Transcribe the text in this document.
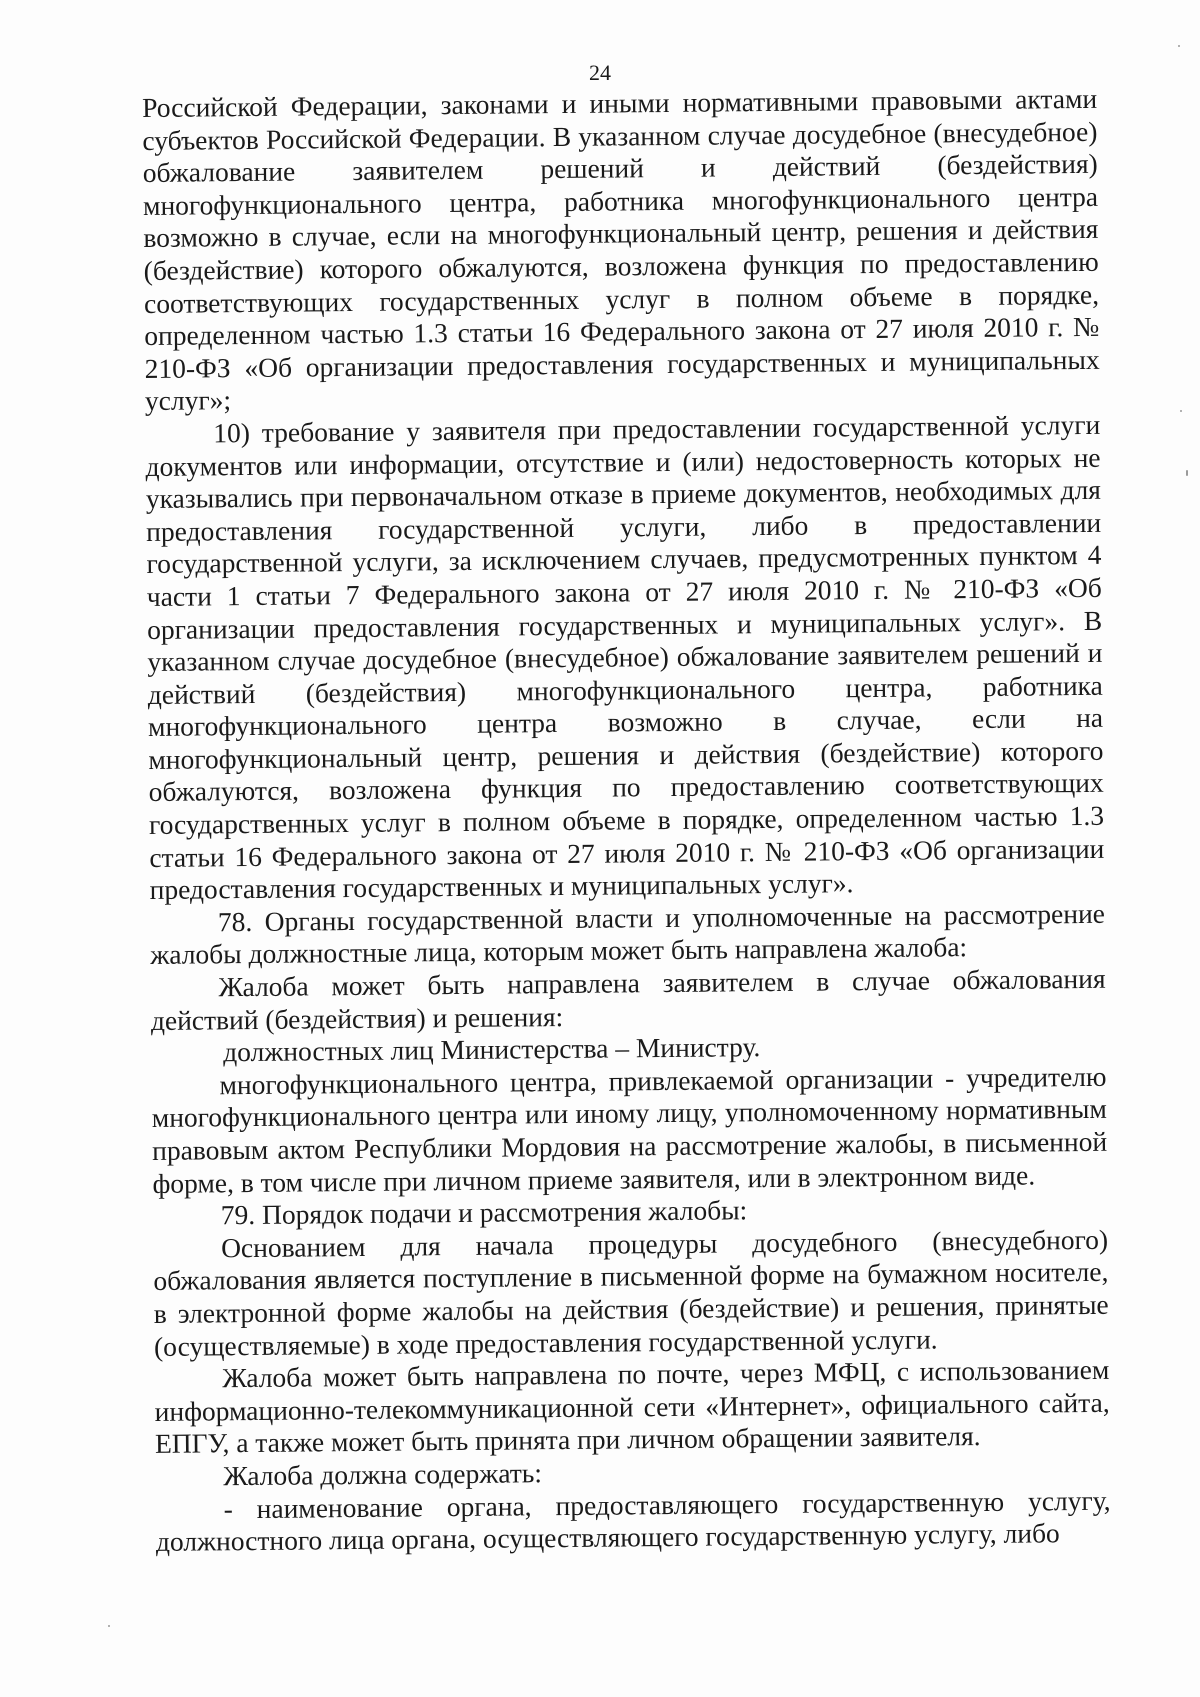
24

Российской Федерации, законами и иными нормативными правовыми актами субъектов Российской Федерации. В указанном случае досудебное (внесудебное) обжалование заявителем решений и действий (бездействия) многофункционального центра, работника многофункционального центра возможно в случае, если на многофункциональный центр, решения и действия (бездействие) которого обжалуются, возложена функция по предоставлению соответствующих государственных услуг в полном объеме в порядке, определенном частью 1.3 статьи 16 Федерального закона от 27 июля 2010 г. № 210-ФЗ «Об организации предоставления государственных и муниципальных услуг»;

10) требование у заявителя при предоставлении государственной услуги документов или информации, отсутствие и (или) недостоверность которых не указывались при первоначальном отказе в приеме документов, необходимых для предоставления государственной услуги, либо в предоставлении государственной услуги, за исключением случаев, предусмотренных пунктом 4 части 1 статьи 7 Федерального закона от 27 июля 2010 г. № 210-ФЗ «Об организации предоставления государственных и муниципальных услуг». В указанном случае досудебное (внесудебное) обжалование заявителем решений и действий (бездействия) многофункционального центра, работника многофункционального центра возможно в случае, если на многофункциональный центр, решения и действия (бездействие) которого обжалуются, возложена функция по предоставлению соответствующих государственных услуг в полном объеме в порядке, определенном частью 1.3 статьи 16 Федерального закона от 27 июля 2010 г. № 210-ФЗ «Об организации предоставления государственных и муниципальных услуг».

78. Органы государственной власти и уполномоченные на рассмотрение жалобы должностные лица, которым может быть направлена жалоба:

Жалоба может быть направлена заявителем в случае обжалования действий (бездействия) и решения:

должностных лиц Министерства – Министру.

многофункционального центра, привлекаемой организации - учредителю многофункционального центра или иному лицу, уполномоченному нормативным правовым актом Республики Мордовия на рассмотрение жалобы, в письменной форме, в том числе при личном приеме заявителя, или в электронном виде.

79. Порядок подачи и рассмотрения жалобы:

Основанием для начала процедуры досудебного (внесудебного) обжалования является поступление в письменной форме на бумажном носителе, в электронной форме жалобы на действия (бездействие) и решения, принятые (осуществляемые) в ходе предоставления государственной услуги.

Жалоба может быть направлена по почте, через МФЦ, с использованием информационно-телекоммуникационной сети «Интернет», официального сайта, ЕПГУ, а также может быть принята при личном обращении заявителя.

Жалоба должна содержать:

- наименование органа, предоставляющего государственную услугу, должностного лица органа, осуществляющего государственную услугу, либо
